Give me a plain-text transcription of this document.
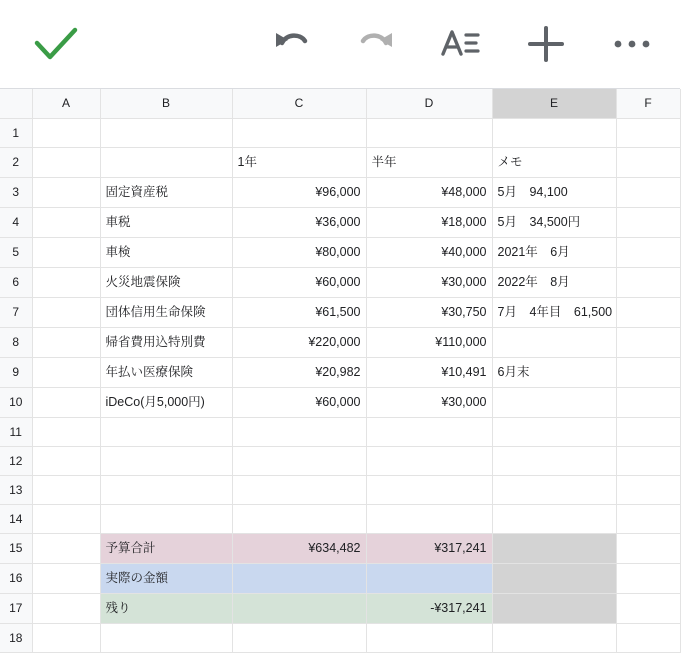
	A	B	C	D	E	F
1	

2			1年	半年	メモ	

3		固定資産税	¥96,000	¥48,000	5月　94,100	

4		車税	¥36,000	¥18,000	5月　34,500円	

5		車検	¥80,000	¥40,000	2021年　6月	

6		火災地震保険	¥60,000	¥30,000	2022年　8月	

7		団体信用生命保険	¥61,500	¥30,750	7月　4年目　61,500	

8		帰省費用込特別費	¥220,000	¥110,000		

9		年払い医療保険	¥20,982	¥10,491	6月末	

10		iDeCo(月5,000円)	¥60,000	¥30,000		

11		

12		

13		

14		

15		予算合計	¥634,482	¥317,241		

16		実際の金額				

17		残り		-¥317,241		

18		
